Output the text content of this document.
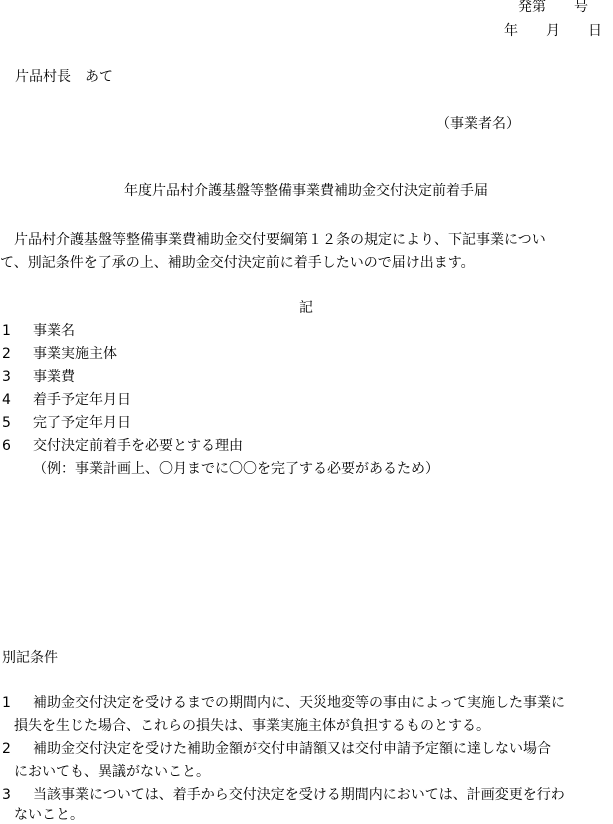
発第　　号
年　　月　　日
片品村長　あて
（事業者名）
年度片品村介護基盤等整備事業費補助金交付決定前着手届
　片品村介護基盤等整備事業費補助金交付要綱第１２条の規定により、下記事業につい
て、別記条件を了承の上、補助金交付決定前に着手したいので届け出ます。
記
1 事業名
2 事業実施主体
3 事業費
4 着手予定年月日
5 完了予定年月日
6 交付決定前着手を必要とする理由
（例：事業計画上、〇月までに〇〇を完了する必要があるため）
別記条件
1 補助金交付決定を受けるまでの期間内に、天災地変等の事由によって実施した事業に
損失を生じた場合、これらの損失は、事業実施主体が負担するものとする。
2 補助金交付決定を受けた補助金額が交付申請額又は交付申請予定額に達しない場合
においても、異議がないこと。
3 当該事業については、着手から交付決定を受ける期間内においては、計画変更を行わ
ないこと。
